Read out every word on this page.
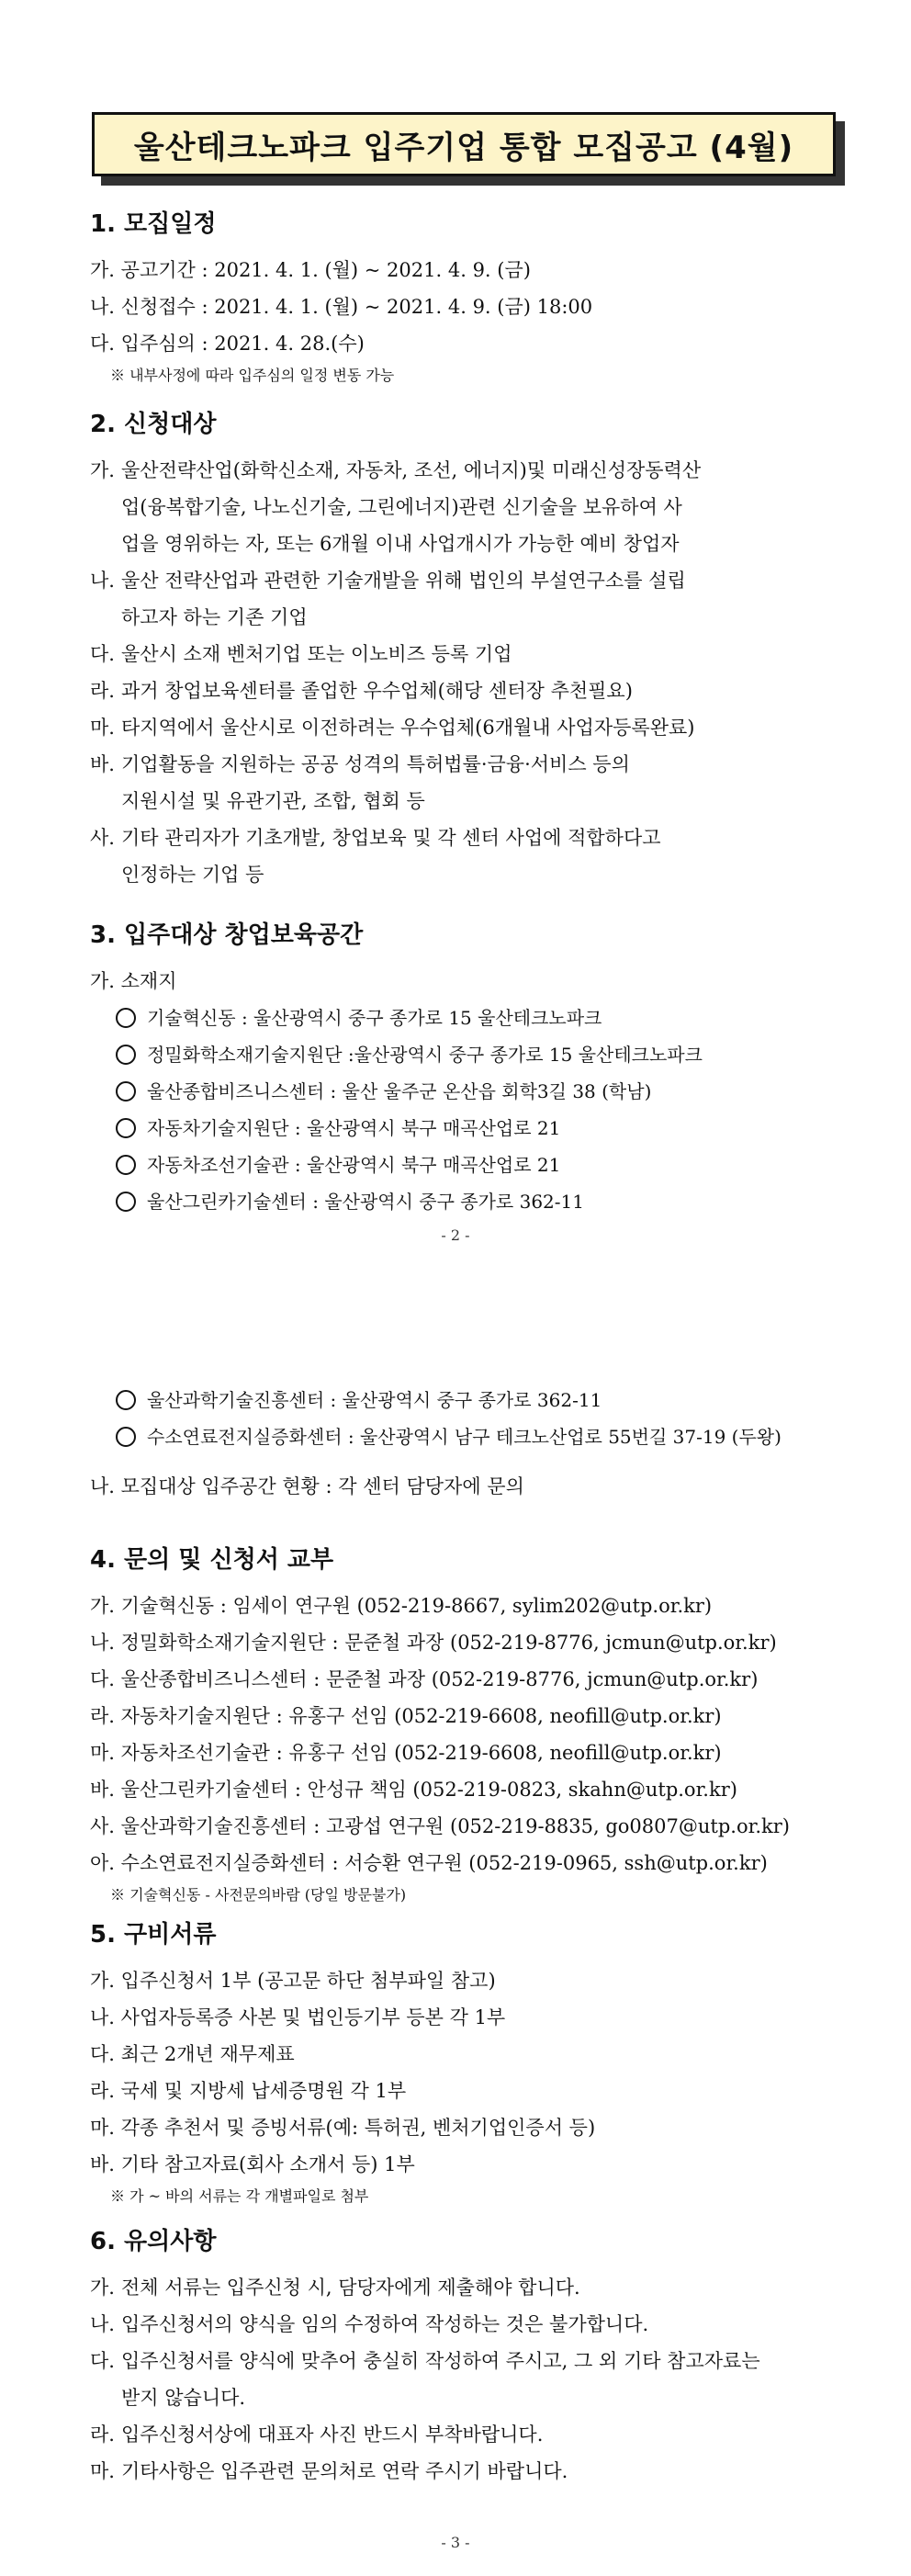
울산테크노파크 입주기업 통합 모집공고 (4월)
1. 모집일정
가. 공고기간 : 2021. 4. 1. (월) ~ 2021. 4. 9. (금)
나. 신청접수 : 2021. 4. 1. (월) ~ 2021. 4. 9. (금) 18:00
다. 입주심의 : 2021. 4. 28.(수)
※ 내부사정에 따라 입주심의 일정 변동 가능
2. 신청대상
가. 울산전략산업(화학신소재, 자동차, 조선, 에너지)및 미래신성장동력산
업(융복합기술, 나노신기술, 그린에너지)관련 신기술을 보유하여 사
업을 영위하는 자, 또는 6개월 이내 사업개시가 가능한 예비 창업자
나. 울산 전략산업과 관련한 기술개발을 위해 법인의 부설연구소를 설립
하고자 하는 기존 기업
다. 울산시 소재 벤처기업 또는 이노비즈 등록 기업
라. 과거 창업보육센터를 졸업한 우수업체(해당 센터장 추천필요)
마. 타지역에서 울산시로 이전하려는 우수업체(6개월내 사업자등록완료)
바. 기업활동을 지원하는 공공 성격의 특허법률·금융·서비스 등의
지원시설 및 유관기관, 조합, 협회 등
사. 기타 관리자가 기초개발, 창업보육 및 각 센터 사업에 적합하다고
인정하는 기업 등
3. 입주대상 창업보육공간
가. 소재지
기술혁신동 : 울산광역시 중구 종가로 15 울산테크노파크
정밀화학소재기술지원단 :울산광역시 중구 종가로 15 울산테크노파크
울산종합비즈니스센터 : 울산 울주군 온산읍 회학3길 38 (학남)
자동차기술지원단 : 울산광역시 북구 매곡산업로 21
자동차조선기술관 : 울산광역시 북구 매곡산업로 21
울산그린카기술센터 : 울산광역시 중구 종가로 362-11
- 2 -
울산과학기술진흥센터 : 울산광역시 중구 종가로 362-11
수소연료전지실증화센터 : 울산광역시 남구 테크노산업로 55번길 37-19 (두왕)
나. 모집대상 입주공간 현황 : 각 센터 담당자에 문의
4. 문의 및 신청서 교부
가. 기술혁신동 : 임세이 연구원 (052-219-8667, sylim202@utp.or.kr)
나. 정밀화학소재기술지원단 : 문준철 과장 (052-219-8776, jcmun@utp.or.kr)
다. 울산종합비즈니스센터 : 문준철 과장 (052-219-8776, jcmun@utp.or.kr)
라. 자동차기술지원단 : 유홍구 선임 (052-219-6608, neofill@utp.or.kr)
마. 자동차조선기술관 : 유홍구 선임 (052-219-6608, neofill@utp.or.kr)
바. 울산그린카기술센터 : 안성규 책임 (052-219-0823, skahn@utp.or.kr)
사. 울산과학기술진흥센터 : 고광섭 연구원 (052-219-8835, go0807@utp.or.kr)
아. 수소연료전지실증화센터 : 서승환 연구원 (052-219-0965, ssh@utp.or.kr)
※ 기술혁신동 - 사전문의바람 (당일 방문불가)
5. 구비서류
가. 입주신청서 1부 (공고문 하단 첨부파일 참고)
나. 사업자등록증 사본 및 법인등기부 등본 각 1부
다. 최근 2개년 재무제표
라. 국세 및 지방세 납세증명원 각 1부
마. 각종 추천서 및 증빙서류(예: 특허권, 벤처기업인증서 등)
바. 기타 참고자료(회사 소개서 등) 1부
※ 가 ~ 바의 서류는 각 개별파일로 첨부
6. 유의사항
가. 전체 서류는 입주신청 시, 담당자에게 제출해야 합니다.
나. 입주신청서의 양식을 임의 수정하여 작성하는 것은 불가합니다.
다. 입주신청서를 양식에 맞추어 충실히 작성하여 주시고, 그 외 기타 참고자료는
받지 않습니다.
라. 입주신청서상에 대표자 사진 반드시 부착바랍니다.
마. 기타사항은 입주관련 문의처로 연락 주시기 바랍니다.
- 3 -
